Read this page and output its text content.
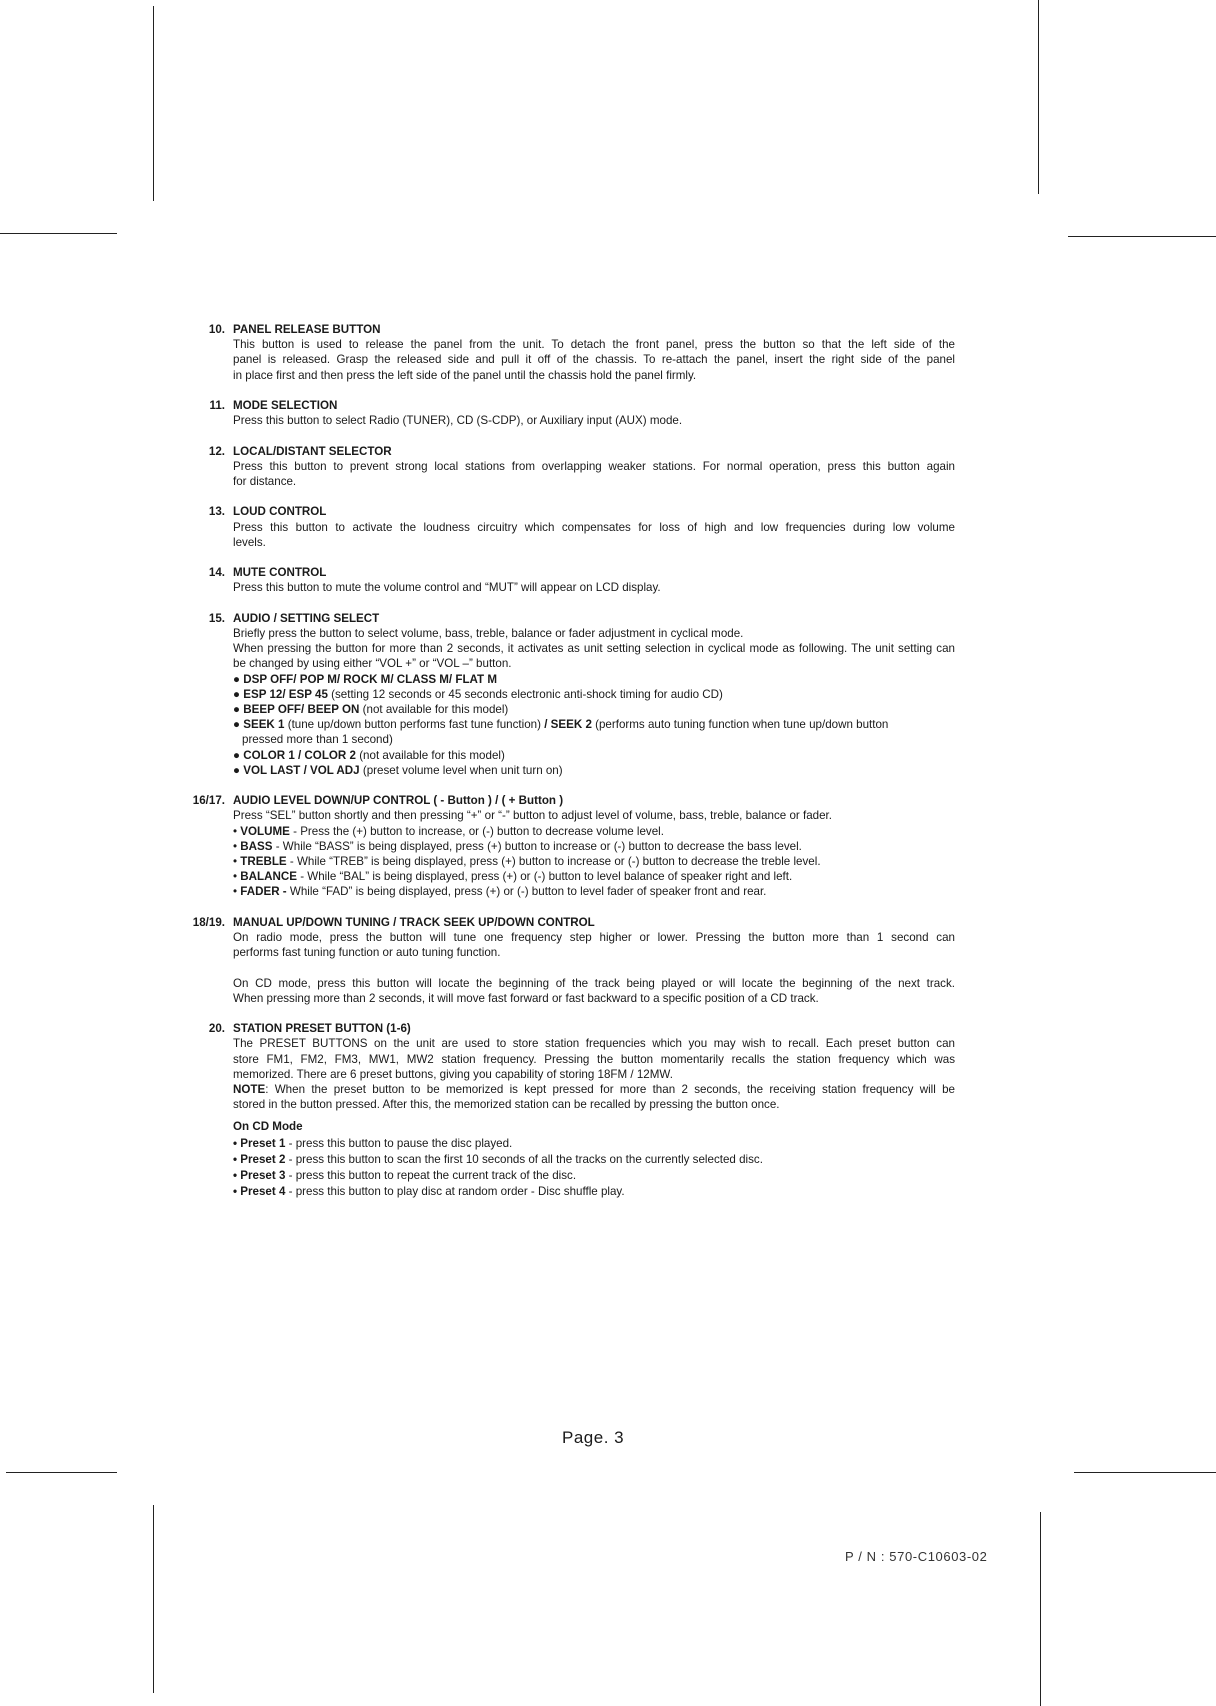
10. PANEL RELEASE BUTTON
This button is used to release the panel from the unit. To detach the front panel, press the button so that the left side of the
panel is released. Grasp the released side and pull it off of the chassis. To re-attach the panel, insert the right side of the panel
in place first and then press the left side of the panel until the chassis hold the panel firmly.
11. MODE SELECTION
Press this button to select Radio (TUNER), CD (S-CDP), or Auxiliary input (AUX) mode.
12. LOCAL/DISTANT SELECTOR
Press this button to prevent strong local stations from overlapping weaker stations. For normal operation, press this button again
for distance.
13. LOUD CONTROL
Press this button to activate the loudness circuitry which compensates for loss of high and low frequencies during low volume
levels.
14. MUTE CONTROL
Press this button to mute the volume control and “MUT” will appear on LCD display.
15. AUDIO / SETTING SELECT
Briefly press the button to select volume, bass, treble, balance or fader adjustment in cyclical mode.
When pressing the button for more than 2 seconds, it activates as unit setting selection in cyclical mode as following. The unit setting can
be changed by using either “VOL +” or “VOL –” button.
● DSP OFF/ POP M/ ROCK M/ CLASS M/ FLAT M
● ESP 12/ ESP 45 (setting 12 seconds or 45 seconds electronic anti-shock timing for audio CD)
● BEEP OFF/ BEEP ON (not available for this model)
● SEEK 1 (tune up/down button performs fast tune function) / SEEK 2 (performs auto tuning function when tune up/down button
pressed more than 1 second)
● COLOR 1 / COLOR 2 (not available for this model)
● VOL LAST / VOL ADJ (preset volume level when unit turn on)
16/17. AUDIO LEVEL DOWN/UP CONTROL ( - Button ) / ( + Button )
Press “SEL” button shortly and then pressing “+” or “-” button to adjust level of volume, bass, treble, balance or fader.
• VOLUME - Press the (+) button to increase, or (-) button to decrease volume level.
• BASS - While “BASS” is being displayed, press (+) button to increase or (-) button to decrease the bass level.
• TREBLE - While “TREB” is being displayed, press (+) button to increase or (-) button to decrease the treble level.
• BALANCE - While “BAL” is being displayed, press (+) or (-) button to level balance of speaker right and left.
• FADER - While “FAD” is being displayed, press (+) or (-) button to level fader of speaker front and rear.
18/19. MANUAL UP/DOWN TUNING / TRACK SEEK UP/DOWN CONTROL
On radio mode, press the button will tune one frequency step higher or lower. Pressing the button more than 1 second can
performs fast tuning function or auto tuning function.
On CD mode, press this button will locate the beginning of the track being played or will locate the beginning of the next track.
When pressing more than 2 seconds, it will move fast forward or fast backward to a specific position of a CD track.
20. STATION PRESET BUTTON (1-6)
The PRESET BUTTONS on the unit are used to store station frequencies which you may wish to recall. Each preset button can
store FM1, FM2, FM3, MW1, MW2 station frequency. Pressing the button momentarily recalls the station frequency which was
memorized. There are 6 preset buttons, giving you capability of storing 18FM / 12MW.
NOTE: When the preset button to be memorized is kept pressed for more than 2 seconds, the receiving station frequency will be
stored in the button pressed. After this, the memorized station can be recalled by pressing the button once.
On CD Mode
• Preset 1 - press this button to pause the disc played.
• Preset 2 - press this button to scan the first 10 seconds of all the tracks on the currently selected disc.
• Preset 3 - press this button to repeat the current track of the disc.
• Preset 4 - press this button to play disc at random order - Disc shuffle play.
Page. 3
P / N : 570-C10603-02
